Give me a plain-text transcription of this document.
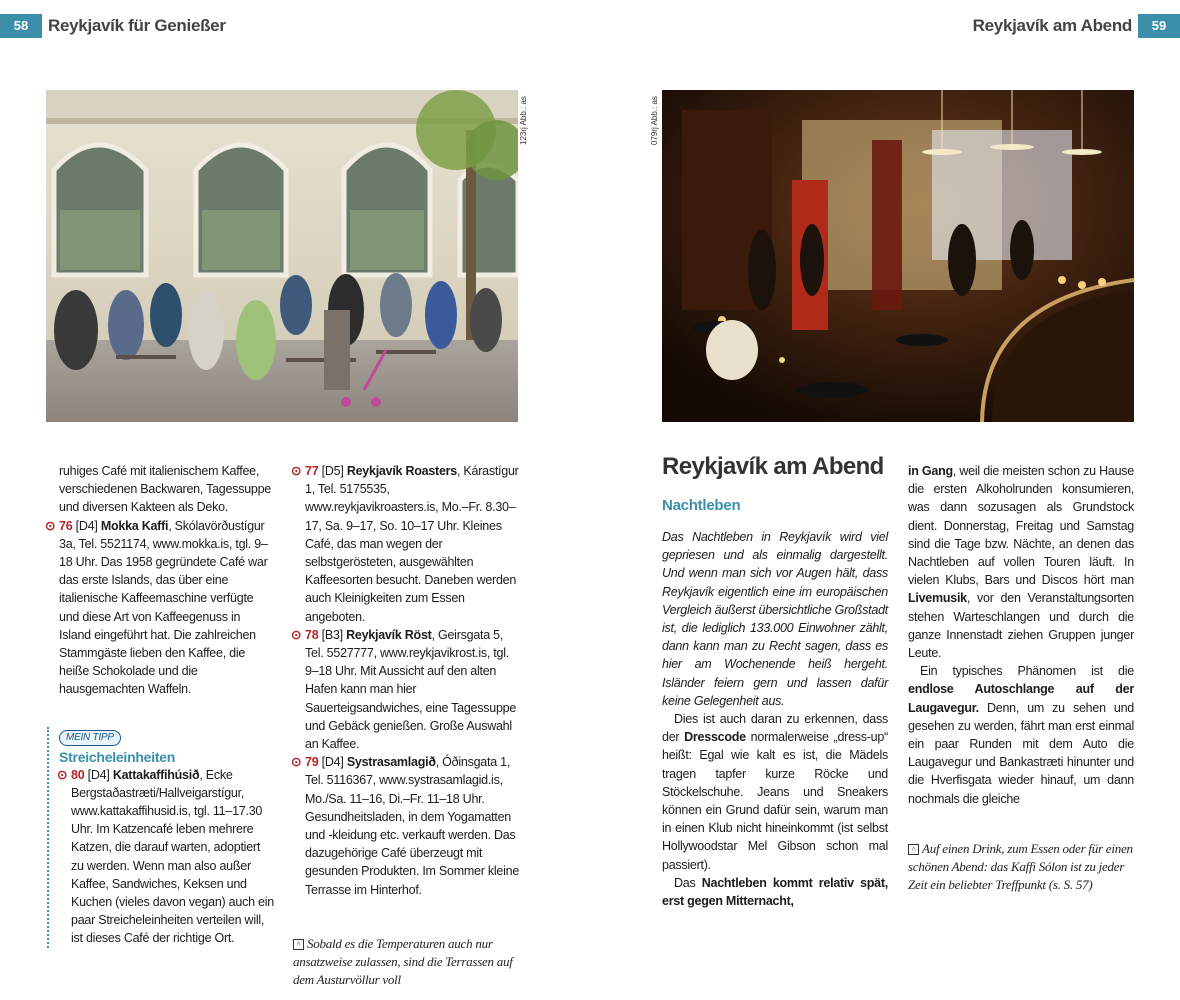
58	Reykjavík für Genießer	Reykjavík am Abend	59
123rj Abb.: as	079rj Abb.: as

ruhiges Café mit italienischem Kaffee, verschiedenen Backwaren, Tagessuppe und diversen Kakteen als Deko.

⊙ 76 [D4] Mokka Kaffi, Skólavörðustígur 3a, Tel. 5521174, www.mokka.is, tgl. 9–18 Uhr. Das 1958 gegründete Café war das erste Islands, das über eine italienische Kaffeemaschine verfügte und diese Art von Kaffeegenuss in Island eingeführt hat. Die zahlreichen Stammgäste lieben den Kaffee, die heiße Schokolade und die hausgemachten Waffeln.
MEIN TIPP
Streicheleinheiten
⊙ 80 [D4] Kattakaffihúsið, Ecke Bergstaðastræti/Hallveigarstígur, www.kattakaffihusid.is, tgl. 11–17.30 Uhr. Im Katzencafé leben mehrere Katzen, die darauf warten, adoptiert zu werden. Wenn man also außer Kaffee, Sandwiches, Keksen und Kuchen (vieles davon vegan) auch ein paar Streicheleinheiten verteilen will, ist dieses Café der richtige Ort.
⊙ 77 [D5] Reykjavík Roasters, Kárastígur 1, Tel. 5175535, www.reykjavikroasters.is, Mo.–Fr. 8.30–17, Sa. 9–17, So. 10–17 Uhr. Kleines Café, das man wegen der selbstgerösteten, ausgewählten Kaffeesorten besucht. Daneben werden auch Kleinigkeiten zum Essen angeboten.
⊙ 78 [B3] Reykjavík Röst, Geirsgata 5, Tel. 5527777, www.reykjavikrost.is, tgl. 9–18 Uhr. Mit Aussicht auf den alten Hafen kann man hier Sauerteigsandwiches, eine Tagessuppe und Gebäck genießen. Große Auswahl an Kaffee.
⊙ 79 [D4] Systrasamlagið, Óðinsgata 1, Tel. 5116367, www.systrasamlagid.is, Mo./Sa. 11–16, Di.–Fr. 11–18 Uhr. Gesundheitsladen, in dem Yogamatten und -kleidung etc. verkauft werden. Das dazugehörige Café überzeugt mit gesunden Produkten. Im Sommer kleine Terrasse im Hinterhof.

^ Sobald es die Temperaturen auch nur ansatzweise zulassen, sind die Terrassen auf dem Austurvöllur voll

Reykjavík am Abend
Nachtleben

Das Nachtleben in Reykjavík wird viel gepriesen und als einmalig dargestellt. Und wenn man sich vor Augen hält, dass Reykjavík eigentlich eine im europäischen Vergleich äußerst übersichtliche Großstadt ist, die lediglich 133.000 Einwohner zählt, dann kann man zu Recht sagen, dass es hier am Wochenende heiß hergeht. Isländer feiern gern und lassen dafür keine Gelegenheit aus.

Dies ist auch daran zu erkennen, dass der Dresscode normalerweise „dress-up“ heißt: Egal wie kalt es ist, die Mädels tragen tapfer kurze Röcke und Stöckelschuhe. Jeans und Sneakers können ein Grund dafür sein, warum man in einen Klub nicht hineinkommt (ist selbst Hollywoodstar Mel Gibson schon mal passiert).

Das Nachtleben kommt relativ spät, erst gegen Mitternacht,

in Gang, weil die meisten schon zu Hause die ersten Alkoholrunden konsumieren, was dann sozusagen als Grundstock dient. Donnerstag, Freitag und Samstag sind die Tage bzw. Nächte, an denen das Nachtleben auf vollen Touren läuft. In vielen Klubs, Bars und Discos hört man Livemusik, vor den Veranstaltungsorten stehen Warteschlangen und durch die ganze Innenstadt ziehen Gruppen junger Leute.

Ein typisches Phänomen ist die endlose Autoschlange auf der Laugavegur. Denn, um zu sehen und gesehen zu werden, fährt man erst einmal ein paar Runden mit dem Auto die Laugavegur und Bankastræti hinunter und die Hverfisgata wieder hinauf, um dann nochmals die gleiche

^ Auf einen Drink, zum Essen oder für einen schönen Abend: das Kaffi Sólon ist zu jeder Zeit ein beliebter Treffpunkt (s. S. 57)
